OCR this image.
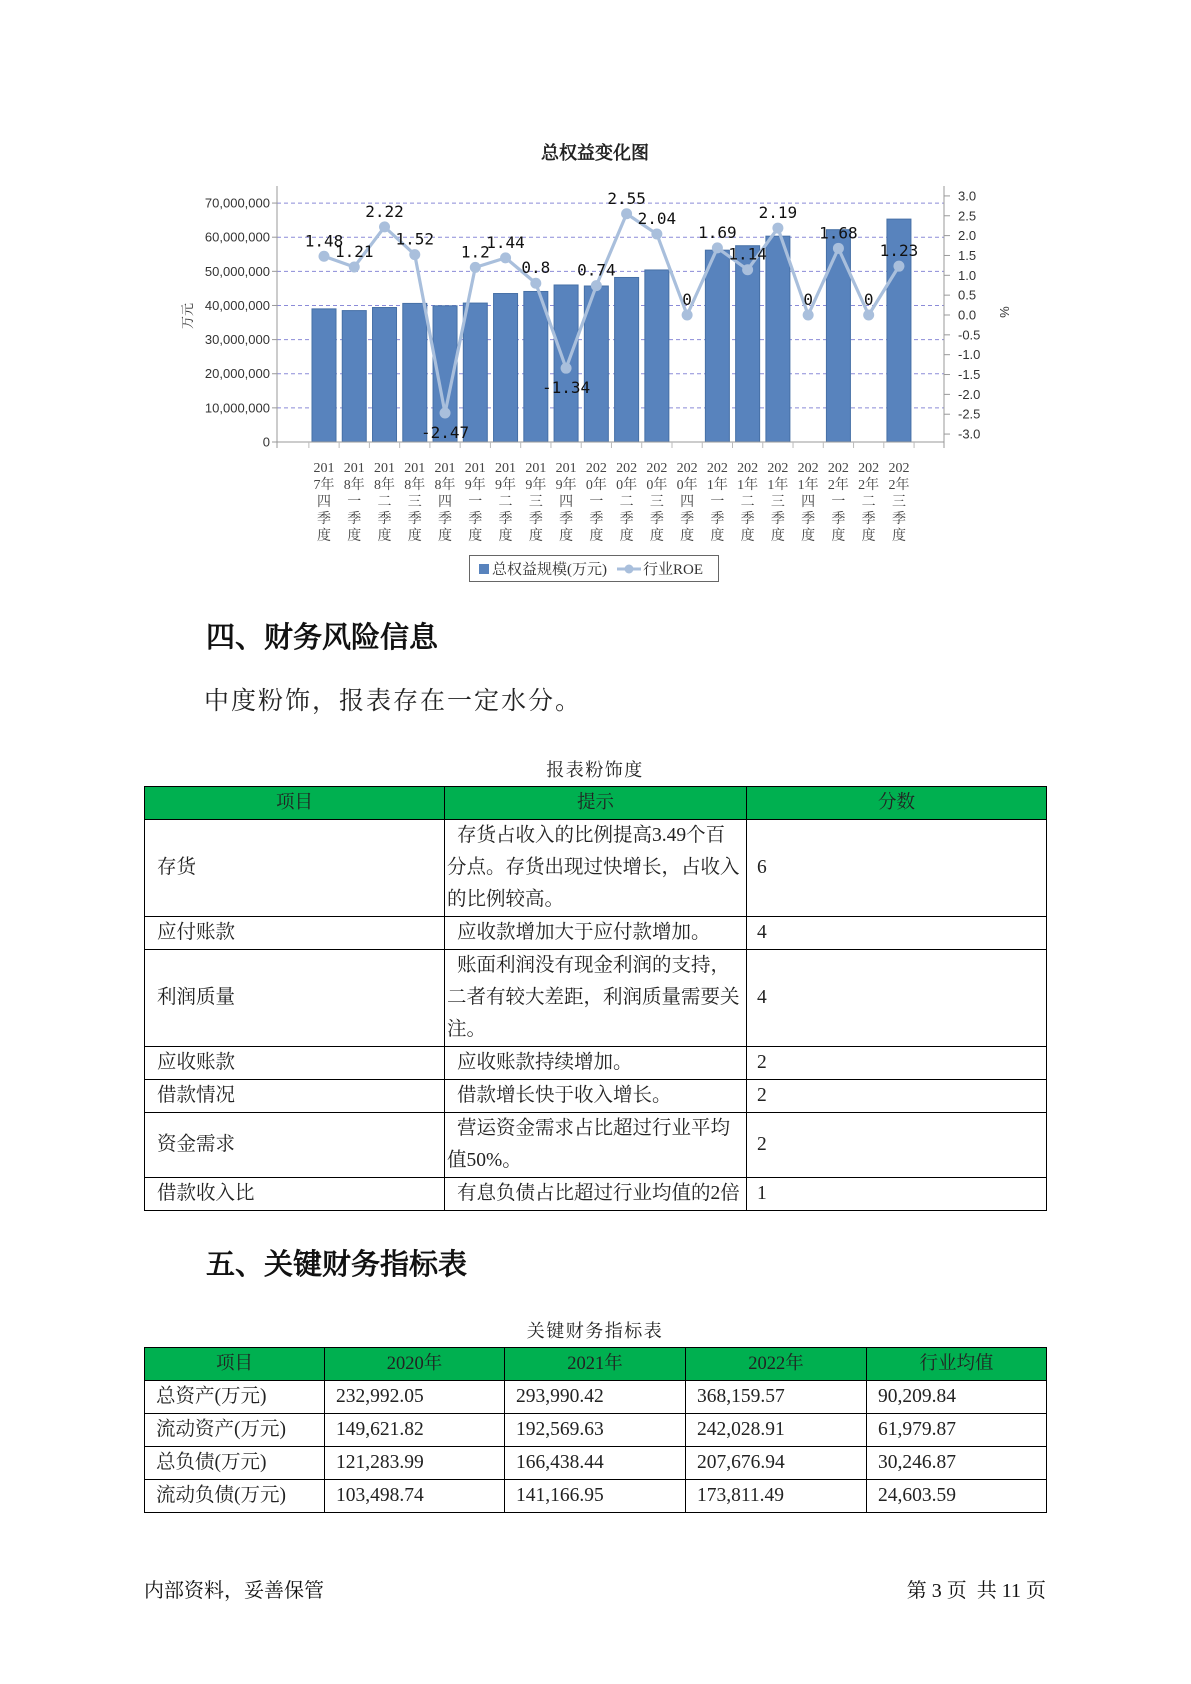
总权益变化图
万元	%
70,000,000
60,000,000
50,000,000
40,000,000
30,000,000
20,000,000
10,000,000
0
3.0
2.5
2.0
1.5
1.0
0.5
0.0
-0.5
-1.0
-1.5
-2.0
-2.5
-3.0
1.48
1.21
2.22
1.52
-2.47
1.2
1.44
0.8
-1.34
0.74
2.55
2.04
0
1.69
1.14
2.19
0
1.68
0
1.23
总权益规模(万元) 行业ROE
2017年四季度
2018年一季度
2018年二季度
2018年三季度
2018年四季度
2019年一季度
2019年二季度
2019年三季度
2019年四季度
2020年一季度
2020年二季度
2020年三季度
2020年四季度
2021年一季度
2021年二季度
2021年三季度
2021年四季度
2022年一季度
2022年二季度
2022年三季度
四、财务风险信息
中度粉饰，报表存在一定水分。
报表粉饰度
项目	提示	分数
存货	存货占收入的比例提高3.49个百分点。存货出现过快增长，占收入的比例较高。	6
应付账款	应收款增加大于应付款增加。	4
利润质量	账面利润没有现金利润的支持，二者有较大差距，利润质量需要关注。	4
应收账款	应收账款持续增加。	2
借款情况	借款增长快于收入增长。	2
资金需求	营运资金需求占比超过行业平均值50%。	2
借款收入比	有息负债占比超过行业均值的2倍	1
五、关键财务指标表
关键财务指标表
项目	2020年	2021年	2022年	行业均值
总资产(万元)	232,992.05	293,990.42	368,159.57	90,209.84
流动资产(万元)	149,621.82	192,569.63	242,028.91	61,979.87
总负债(万元)	121,283.99	166,438.44	207,676.94	30,246.87
流动负债(万元)	103,498.74	141,166.95	173,811.49	24,603.59
内部资料，妥善保管	第 3 页  共 11 页
